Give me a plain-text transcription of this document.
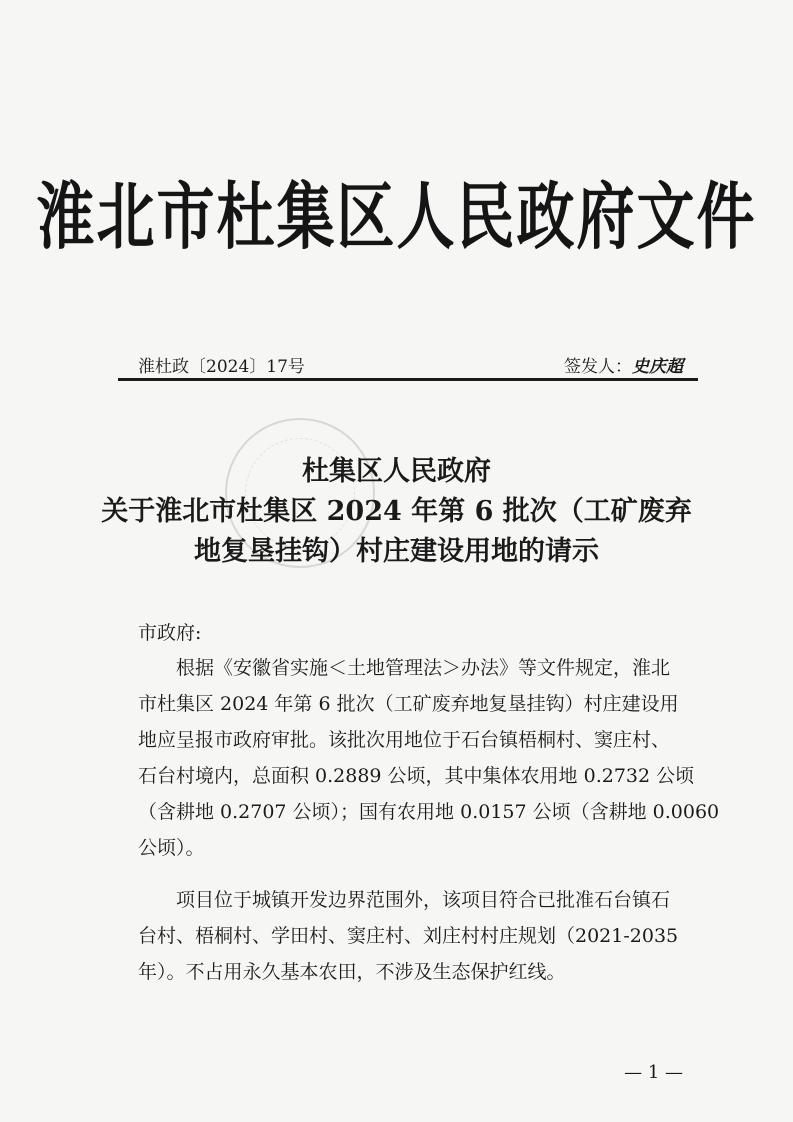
淮北市杜集区人民政府文件
淮杜政〔2024〕17号	签发人：史庆超
杜集区人民政府
关于淮北市杜集区 2024 年第 6 批次（工矿废弃
地复垦挂钩）村庄建设用地的请示
市政府:
根据《安徽省实施＜土地管理法＞办法》等文件规定，淮北
市杜集区 2024 年第 6 批次（工矿废弃地复垦挂钩）村庄建设用
地应呈报市政府审批。该批次用地位于石台镇梧桐村、窦庄村、
石台村境内，总面积 0.2889 公顷，其中集体农用地 0.2732 公顷
（含耕地 0.2707 公顷）；国有农用地 0.0157 公顷（含耕地 0.0060
公顷）。
项目位于城镇开发边界范围外，该项目符合已批准石台镇石
台村、梧桐村、学田村、窦庄村、刘庄村村庄规划（2021-2035
年）。不占用永久基本农田，不涉及生态保护红线。
— 1 —
